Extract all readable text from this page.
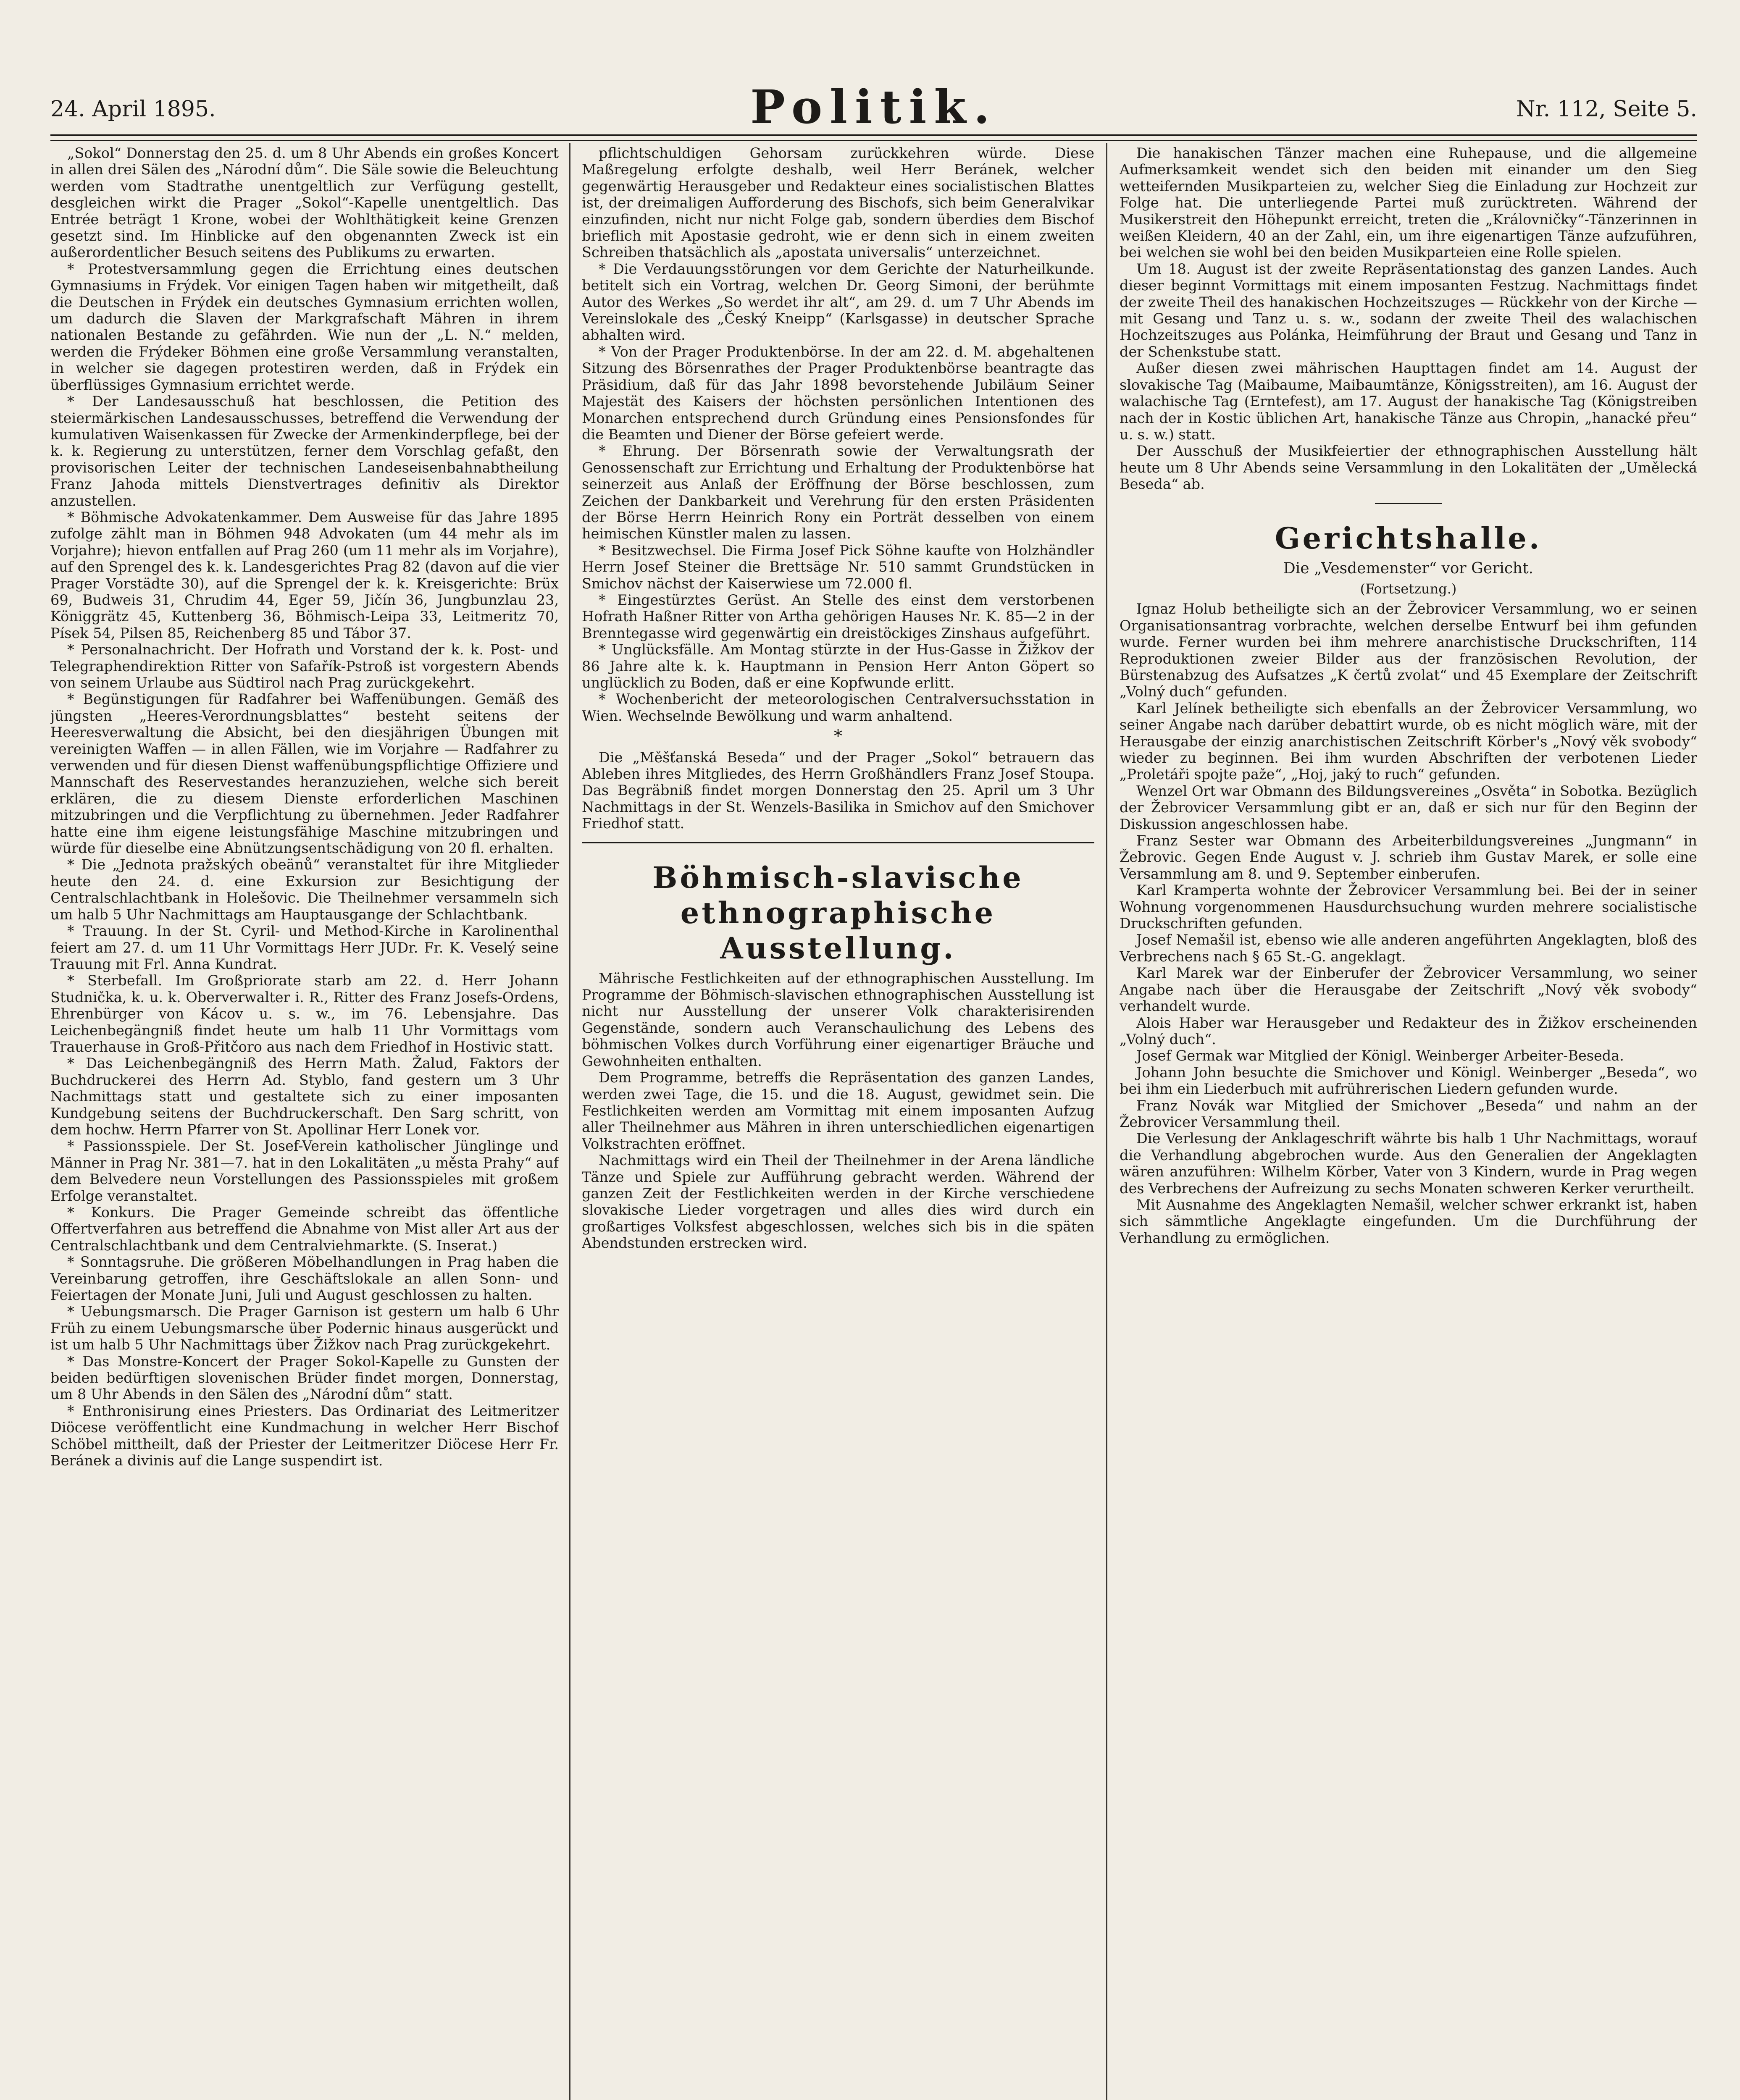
24. April 1895.	Politik.	Nr. 112, Seite 5.

„Sokol“ Donnerstag den 25. d. um 8 Uhr Abends ein großes Koncert in allen drei Sälen des „Národní dům“. Die Säle sowie die Beleuchtung werden vom Stadtrathe unentgeltlich zur Verfügung gestellt, desgleichen wirkt die Prager „Sokol“-Kapelle unentgeltlich. Das Entrée beträgt 1 Krone, wobei der Wohlthätigkeit keine Grenzen gesetzt sind. Im Hinblicke auf den obgenannten Zweck ist ein außerordentlicher Besuch seitens des Publikums zu erwarten.

* Protestversammlung gegen die Errichtung eines deutschen Gymnasiums in Frýdek. Vor einigen Tagen haben wir mitgetheilt, daß die Deutschen in Frýdek ein deutsches Gymnasium errichten wollen, um dadurch die Slaven der Markgrafschaft Mähren in ihrem nationalen Bestande zu gefährden. Wie nun der „L. N.“ melden, werden die Frýdeker Böhmen eine große Versammlung veranstalten, in welcher sie dagegen protestiren werden, daß in Frýdek ein überflüssiges Gymnasium errichtet werde.

* Der Landesausschuß hat beschlossen, die Petition des steiermärkischen Landesausschusses, betreffend die Verwendung der kumulativen Waisenkassen für Zwecke der Armenkinderpflege, bei der k. k. Regierung zu unterstützen, ferner dem Vorschlag gefaßt, den provisorischen Leiter der technischen Landeseisenbahnabtheilung Franz Jahoda mittels Dienstvertrages definitiv als Direktor anzustellen.

* Böhmische Advokatenkammer. Dem Ausweise für das Jahre 1895 zufolge zählt man in Böhmen 948 Advokaten (um 44 mehr als im Vorjahre); hievon entfallen auf Prag 260 (um 11 mehr als im Vorjahre), auf den Sprengel des k. k. Landesgerichtes Prag 82 (davon auf die vier Prager Vorstädte 30), auf die Sprengel der k. k. Kreisgerichte: Brüx 69, Budweis 31, Chrudim 44, Eger 59, Jičín 36, Jungbunzlau 23, Königgrätz 45, Kuttenberg 36, Böhmisch-Leipa 33, Leitmeritz 70, Písek 54, Pilsen 85, Reichenberg 85 und Tábor 37.

* Personalnachricht. Der Hofrath und Vorstand der k. k. Post- und Telegraphendirektion Ritter von Safařík-Pstroß ist vorgestern Abends von seinem Urlaube aus Südtirol nach Prag zurückgekehrt.

* Begünstigungen für Radfahrer bei Waffenübungen. Gemäß des jüngsten „Heeres-Verordnungsblattes“ besteht seitens der Heeresverwaltung die Absicht, bei den diesjährigen Übungen mit vereinigten Waffen — in allen Fällen, wie im Vorjahre — Radfahrer zu verwenden und für diesen Dienst waffenübungspflichtige Offiziere und Mannschaft des Reservestandes heranzuziehen, welche sich bereit erklären, die zu diesem Dienste erforderlichen Maschinen mitzubringen und die Verpflichtung zu übernehmen. Jeder Radfahrer hatte eine ihm eigene leistungsfähige Maschine mitzubringen und würde für dieselbe eine Abnützungsentschädigung von 20 fl. erhalten.

* Die „Jednota pražských obeänů“ veranstaltet für ihre Mitglieder heute den 24. d. eine Exkursion zur Besichtigung der Centralschlachtbank in Holešovic. Die Theilnehmer versammeln sich um halb 5 Uhr Nachmittags am Hauptausgange der Schlachtbank.

* Trauung. In der St. Cyril- und Method-Kirche in Karolinenthal feiert am 27. d. um 11 Uhr Vormittags Herr JUDr. Fr. K. Veselý seine Trauung mit Frl. Anna Kundrat.

* Sterbefall. Im Großpriorate starb am 22. d. Herr Johann Studnička, k. u. k. Oberverwalter i. R., Ritter des Franz Josefs-Ordens, Ehrenbürger von Kácov u. s. w., im 76. Lebensjahre. Das Leichenbegängniß findet heute um halb 11 Uhr Vormittags vom Trauerhause in Groß-Přitčoro aus nach dem Friedhof in Hostivic statt.

* Das Leichenbegängniß des Herrn Math. Žalud, Faktors der Buchdruckerei des Herrn Ad. Styblo, fand gestern um 3 Uhr Nachmittags statt und gestaltete sich zu einer imposanten Kundgebung seitens der Buchdruckerschaft. Den Sarg schritt, von dem hochw. Herrn Pfarrer von St. Apollinar Herr Lonek vor.

* Passionsspiele. Der St. Josef-Verein katholischer Jünglinge und Männer in Prag Nr. 381—7. hat in den Lokalitäten „u města Prahy“ auf dem Belvedere neun Vorstellungen des Passionsspieles mit großem Erfolge veranstaltet.

* Konkurs. Die Prager Gemeinde schreibt das öffentliche Offertverfahren aus betreffend die Abnahme von Mist aller Art aus der Centralschlachtbank und dem Centralviehmarkte. (S. Inserat.)

* Sonntagsruhe. Die größeren Möbelhandlungen in Prag haben die Vereinbarung getroffen, ihre Geschäftslokale an allen Sonn- und Feiertagen der Monate Juni, Juli und August geschlossen zu halten.

* Uebungsmarsch. Die Prager Garnison ist gestern um halb 6 Uhr Früh zu einem Uebungsmarsche über Podernic hinaus ausgerückt und ist um halb 5 Uhr Nachmittags über Žižkov nach Prag zurückgekehrt.

* Das Monstre-Koncert der Prager Sokol-Kapelle zu Gunsten der beiden bedürftigen slovenischen Brüder findet morgen, Donnerstag, um 8 Uhr Abends in den Sälen des „Národní dům“ statt.

* Enthronisirung eines Priesters. Das Ordinariat des Leitmeritzer Diöcese veröffentlicht eine Kundmachung in welcher Herr Bischof Schöbel mittheilt, daß der Priester der Leitmeritzer Diöcese Herr Fr. Beránek a divinis auf die Lange suspendirt ist.

pflichtschuldigen Gehorsam zurückkehren würde. Diese Maßregelung erfolgte deshalb, weil Herr Beránek, welcher gegenwärtig Herausgeber und Redakteur eines socialistischen Blattes ist, der dreimaligen Aufforderung des Bischofs, sich beim Generalvikar einzufinden, nicht nur nicht Folge gab, sondern überdies dem Bischof brieflich mit Apostasie gedroht, wie er denn sich in einem zweiten Schreiben thatsächlich als „apostata universalis“ unterzeichnet.

* Die Verdauungsstörungen vor dem Gerichte der Naturheilkunde. betitelt sich ein Vortrag, welchen Dr. Georg Simoni, der berühmte Autor des Werkes „So werdet ihr alt“, am 29. d. um 7 Uhr Abends im Vereinslokale des „Český Kneipp“ (Karlsgasse) in deutscher Sprache abhalten wird.

* Von der Prager Produktenbörse. In der am 22. d. M. abgehaltenen Sitzung des Börsenrathes der Prager Produktenbörse beantragte das Präsidium, daß für das Jahr 1898 bevorstehende Jubiläum Seiner Majestät des Kaisers der höchsten persönlichen Intentionen des Monarchen entsprechend durch Gründung eines Pensionsfondes für die Beamten und Diener der Börse gefeiert werde.

* Ehrung. Der Börsenrath sowie der Verwaltungsrath der Genossenschaft zur Errichtung und Erhaltung der Produktenbörse hat seinerzeit aus Anlaß der Eröffnung der Börse beschlossen, zum Zeichen der Dankbarkeit und Verehrung für den ersten Präsidenten der Börse Herrn Heinrich Rony ein Porträt desselben von einem heimischen Künstler malen zu lassen.

* Besitzwechsel. Die Firma Josef Pick Söhne kaufte von Holzhändler Herrn Josef Steiner die Brettsäge Nr. 510 sammt Grundstücken in Smichov nächst der Kaiserwiese um 72.000 fl.

* Eingestürztes Gerüst. An Stelle des einst dem verstorbenen Hofrath Haßner Ritter von Artha gehörigen Hauses Nr. K. 85—2 in der Brenntegasse wird gegenwärtig ein dreistöckiges Zinshaus aufgeführt.

* Unglücksfälle. Am Montag stürzte in der Hus-Gasse in Žižkov der 86 Jahre alte k. k. Hauptmann in Pension Herr Anton Göpert so unglücklich zu Boden, daß er eine Kopfwunde erlitt.

* Wochenbericht der meteorologischen Centralversuchsstation in Wien. Wechselnde Bewölkung und warm anhaltend.

*

Die „Měšťanská Beseda“ und der Prager „Sokol“ betrauern das Ableben ihres Mitgliedes, des Herrn Großhändlers Franz Josef Stoupa. Das Begräbniß findet morgen Donnerstag den 25. April um 3 Uhr Nachmittags in der St. Wenzels-Basilika in Smichov auf den Smichover Friedhof statt.

Böhmisch-slavische ethnographische Ausstellung.

Mährische Festlichkeiten auf der ethnographischen Ausstellung. Im Programme der Böhmisch-slavischen ethnographischen Ausstellung ist nicht nur Ausstellung der unserer Volk charakterisirenden Gegenstände, sondern auch Veranschaulichung des Lebens des böhmischen Volkes durch Vorführung einer eigenartiger Bräuche und Gewohnheiten enthalten.

Dem Programme, betreffs die Repräsentation des ganzen Landes, werden zwei Tage, die 15. und die 18. August, gewidmet sein. Die Festlichkeiten werden am Vormittag mit einem imposanten Aufzug aller Theilnehmer aus Mähren in ihren unterschiedlichen eigenartigen Volkstrachten eröffnet.

Nachmittags wird ein Theil der Theilnehmer in der Arena ländliche Tänze und Spiele zur Aufführung gebracht werden. Während der ganzen Zeit der Festlichkeiten werden in der Kirche verschiedene slovakische Lieder vorgetragen und alles dies wird durch ein großartiges Volksfest abgeschlossen, welches sich bis in die späten Abendstunden erstrecken wird.

Die hanakischen Tänzer machen eine Ruhepause, und die allgemeine Aufmerksamkeit wendet sich den beiden mit einander um den Sieg wetteifernden Musikparteien zu, welcher Sieg die Einladung zur Hochzeit zur Folge hat. Die unterliegende Partei muß zurücktreten. Während der Musikerstreit den Höhepunkt erreicht, treten die „Královničky“-Tänzerinnen in weißen Kleidern, 40 an der Zahl, ein, um ihre eigenartigen Tänze aufzuführen, bei welchen sie wohl bei den beiden Musikparteien eine Rolle spielen.

Um 18. August ist der zweite Repräsentationstag des ganzen Landes. Auch dieser beginnt Vormittags mit einem imposanten Festzug. Nachmittags findet der zweite Theil des hanakischen Hochzeitszuges — Rückkehr von der Kirche — mit Gesang und Tanz u. s. w., sodann der zweite Theil des walachischen Hochzeitszuges aus Polánka, Heimführung der Braut und Gesang und Tanz in der Schenkstube statt.

Außer diesen zwei mährischen Haupttagen findet am 14. August der slovakische Tag (Maibaume, Maibaumtänze, Königsstreiten), am 16. August der walachische Tag (Erntefest), am 17. August der hanakische Tag (Königstreiben nach der in Kostic üblichen Art, hanakische Tänze aus Chropin, „hanacké přeu“ u. s. w.) statt.

Der Ausschuß der Musikfeiertier der ethnographischen Ausstellung hält heute um 8 Uhr Abends seine Versammlung in den Lokalitäten der „Umělecká Beseda“ ab.

Gerichtshalle.
Die „Vesdemenster“ vor Gericht.
(Fortsetzung.)

Ignaz Holub betheiligte sich an der Žebrovicer Versammlung, wo er seinen Organisationsantrag vorbrachte, welchen derselbe Entwurf bei ihm gefunden wurde. Ferner wurden bei ihm mehrere anarchistische Druckschriften, 114 Reproduktionen zweier Bilder aus der französischen Revolution, der Bürstenabzug des Aufsatzes „K čertů zvolat“ und 45 Exemplare der Zeitschrift „Volný duch“ gefunden.

Karl Jelínek betheiligte sich ebenfalls an der Žebrovicer Versammlung, wo seiner Angabe nach darüber debattirt wurde, ob es nicht möglich wäre, mit der Herausgabe der einzig anarchistischen Zeitschrift Körber's „Nový věk svobody“ wieder zu beginnen. Bei ihm wurden Abschriften der verbotenen Lieder „Proletáři spojte paže“, „Hoj, jaký to ruch“ gefunden.

Wenzel Ort war Obmann des Bildungsvereines „Osvěta“ in Sobotka. Bezüglich der Žebrovicer Versammlung gibt er an, daß er sich nur für den Beginn der Diskussion angeschlossen habe.

Franz Sester war Obmann des Arbeiterbildungsvereines „Jungmann“ in Žebrovic. Gegen Ende August v. J. schrieb ihm Gustav Marek, er solle eine Versammlung am 8. und 9. September einberufen.

Karl Kramperta wohnte der Žebrovicer Versammlung bei. Bei der in seiner Wohnung vorgenommenen Hausdurchsuchung wurden mehrere socialistische Druckschriften gefunden.

Josef Nemašil ist, ebenso wie alle anderen angeführten Angeklagten, bloß des Verbrechens nach § 65 St.-G. angeklagt.

Karl Marek war der Einberufer der Žebrovicer Versammlung, wo seiner Angabe nach über die Herausgabe der Zeitschrift „Nový věk svobody“ verhandelt wurde.

Alois Haber war Herausgeber und Redakteur des in Žižkov erscheinenden „Volný duch“.

Josef Germak war Mitglied der Königl. Weinberger Arbeiter-Beseda.

Johann John besuchte die Smichover und Königl. Weinberger „Beseda“, wo bei ihm ein Liederbuch mit aufrührerischen Liedern gefunden wurde.

Franz Novák war Mitglied der Smichover „Beseda“ und nahm an der Žebrovicer Versammlung theil.

Die Verlesung der Anklageschrift währte bis halb 1 Uhr Nachmittags, worauf die Verhandlung abgebrochen wurde. Aus den Generalien der Angeklagten wären anzuführen: Wilhelm Körber, Vater von 3 Kindern, wurde in Prag wegen des Verbrechens der Aufreizung zu sechs Monaten schweren Kerker verurtheilt.

Mit Ausnahme des Angeklagten Nemašil, welcher schwer erkrankt ist, haben sich sämmtliche Angeklagte eingefunden. Um die Durchführung der Verhandlung zu ermöglichen.
